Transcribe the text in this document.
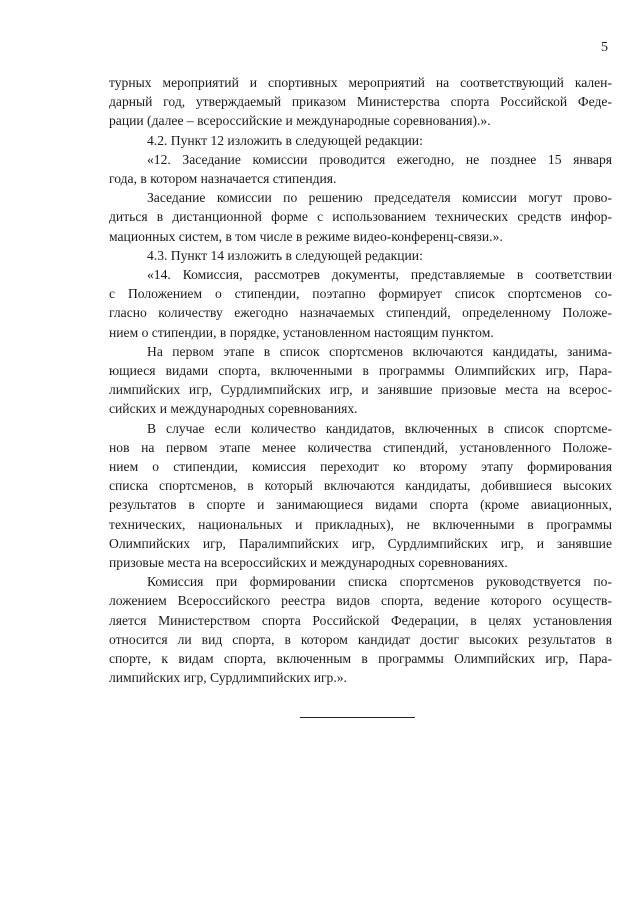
5

турных мероприятий и спортивных мероприятий на соответствующий кален-
дарный год, утверждаемый приказом Министерства спорта Российской Феде-
рации (далее – всероссийские и международные соревнования).».

4.2. Пункт 12 изложить в следующей редакции:

«12. Заседание комиссии проводится ежегодно, не позднее 15 января
года, в котором назначается стипендия.

Заседание комиссии по решению председателя комиссии могут прово-
диться в дистанционной форме с использованием технических средств инфор-
мационных систем, в том числе в режиме видео-конференц-связи.».

4.3. Пункт 14 изложить в следующей редакции:

«14. Комиссия, рассмотрев документы, представляемые в соответствии
с Положением о стипендии, поэтапно формирует список спортсменов со-
гласно количеству ежегодно назначаемых стипендий, определенному Положе-
нием о стипендии, в порядке, установленном настоящим пунктом.

На первом этапе в список спортсменов включаются кандидаты, занима-
ющиеся видами спорта, включенными в программы Олимпийских игр, Пара-
лимпийских игр, Сурдлимпийских игр, и занявшие призовые места на всерос-
сийских и международных соревнованиях.

В случае если количество кандидатов, включенных в список спортсме-
нов на первом этапе менее количества стипендий, установленного Положе-
нием о стипендии, комиссия переходит ко второму этапу формирования
списка спортсменов, в который включаются кандидаты, добившиеся высоких
результатов в спорте и занимающиеся видами спорта (кроме авиационных,
технических, национальных и прикладных), не включенными в программы
Олимпийских игр, Паралимпийских игр, Сурдлимпийских игр, и занявшие
призовые места на всероссийских и международных соревнованиях.

Комиссия при формировании списка спортсменов руководствуется по-
ложением Всероссийского реестра видов спорта, ведение которого осуществ-
ляется Министерством спорта Российской Федерации, в целях установления
относится ли вид спорта, в котором кандидат достиг высоких результатов в
спорте, к видам спорта, включенным в программы Олимпийских игр, Пара-
лимпийских игр, Сурдлимпийских игр.».
